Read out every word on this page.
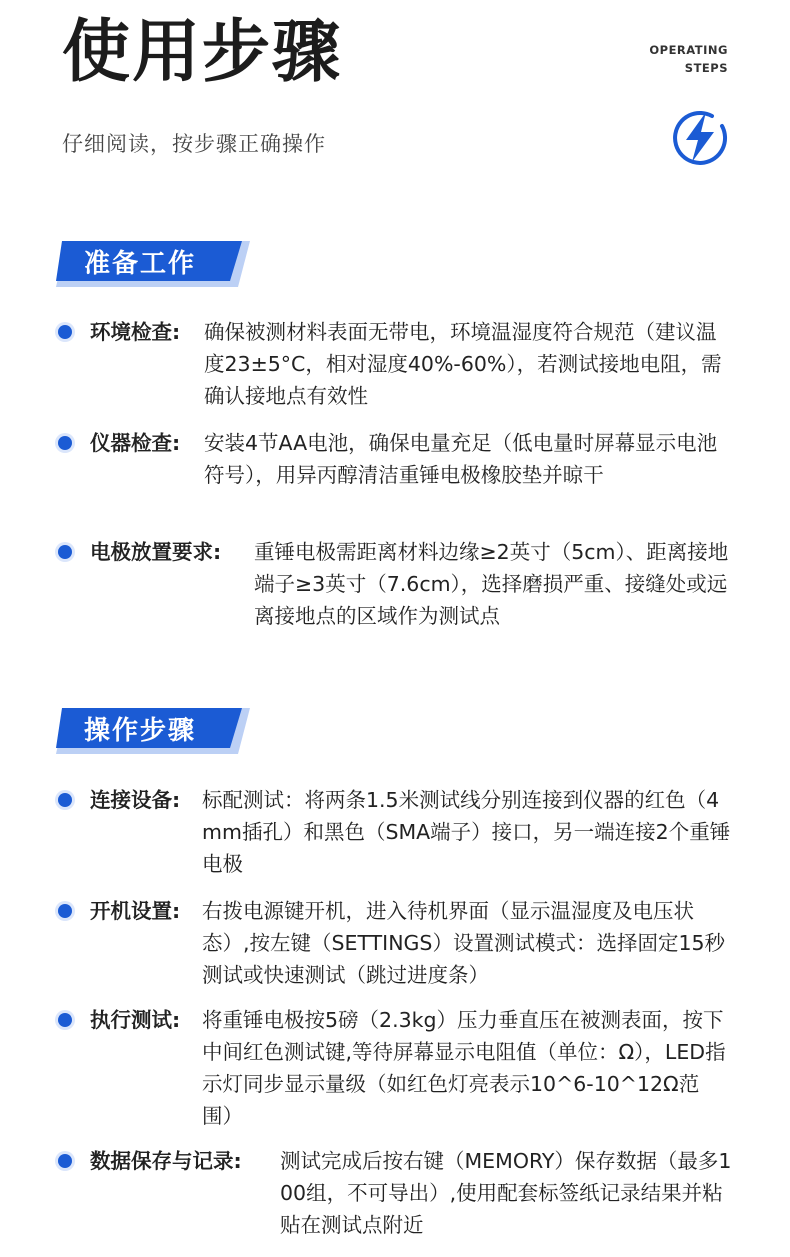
使用步骤	OPERATING
STEPS
仔细阅读，按步骤正确操作
准备工作
环境检查: 确保被测材料表面无带电，环境温湿度符合规范（建议温度23±5°C，相对湿度40%-60%），若测试接地电阻，需确认接地点有效性
仪器检查: 安装4节AA电池，确保电量充足（低电量时屏幕显示电池符号），用异丙醇清洁重锤电极橡胶垫并晾干
电极放置要求: 重锤电极需距离材料边缘≥2英寸（5cm）、距离接地端子≥3英寸（7.6cm），选择磨损严重、接缝处或远离接地点的区域作为测试点
操作步骤
连接设备: 标配测试：将两条1.5米测试线分别连接到仪器的红色（4mm插孔）和黑色（SMA端子）接口，另一端连接2个重锤电极
开机设置: 右拨电源键开机，进入待机界面（显示温湿度及电压状态）,按左键（SETTINGS）设置测试模式：选择固定15秒测试或快速测试（跳过进度条）
执行测试: 将重锤电极按5磅（2.3kg）压力垂直压在被测表面，按下中间红色测试键,等待屏幕显示电阻值（单位：Ω），LED指示灯同步显示量级（如红色灯亮表示10^6-10^12Ω范围）
数据保存与记录: 测试完成后按右键（MEMORY）保存数据（最多100组，不可导出）,使用配套标签纸记录结果并粘贴在测试点附近
